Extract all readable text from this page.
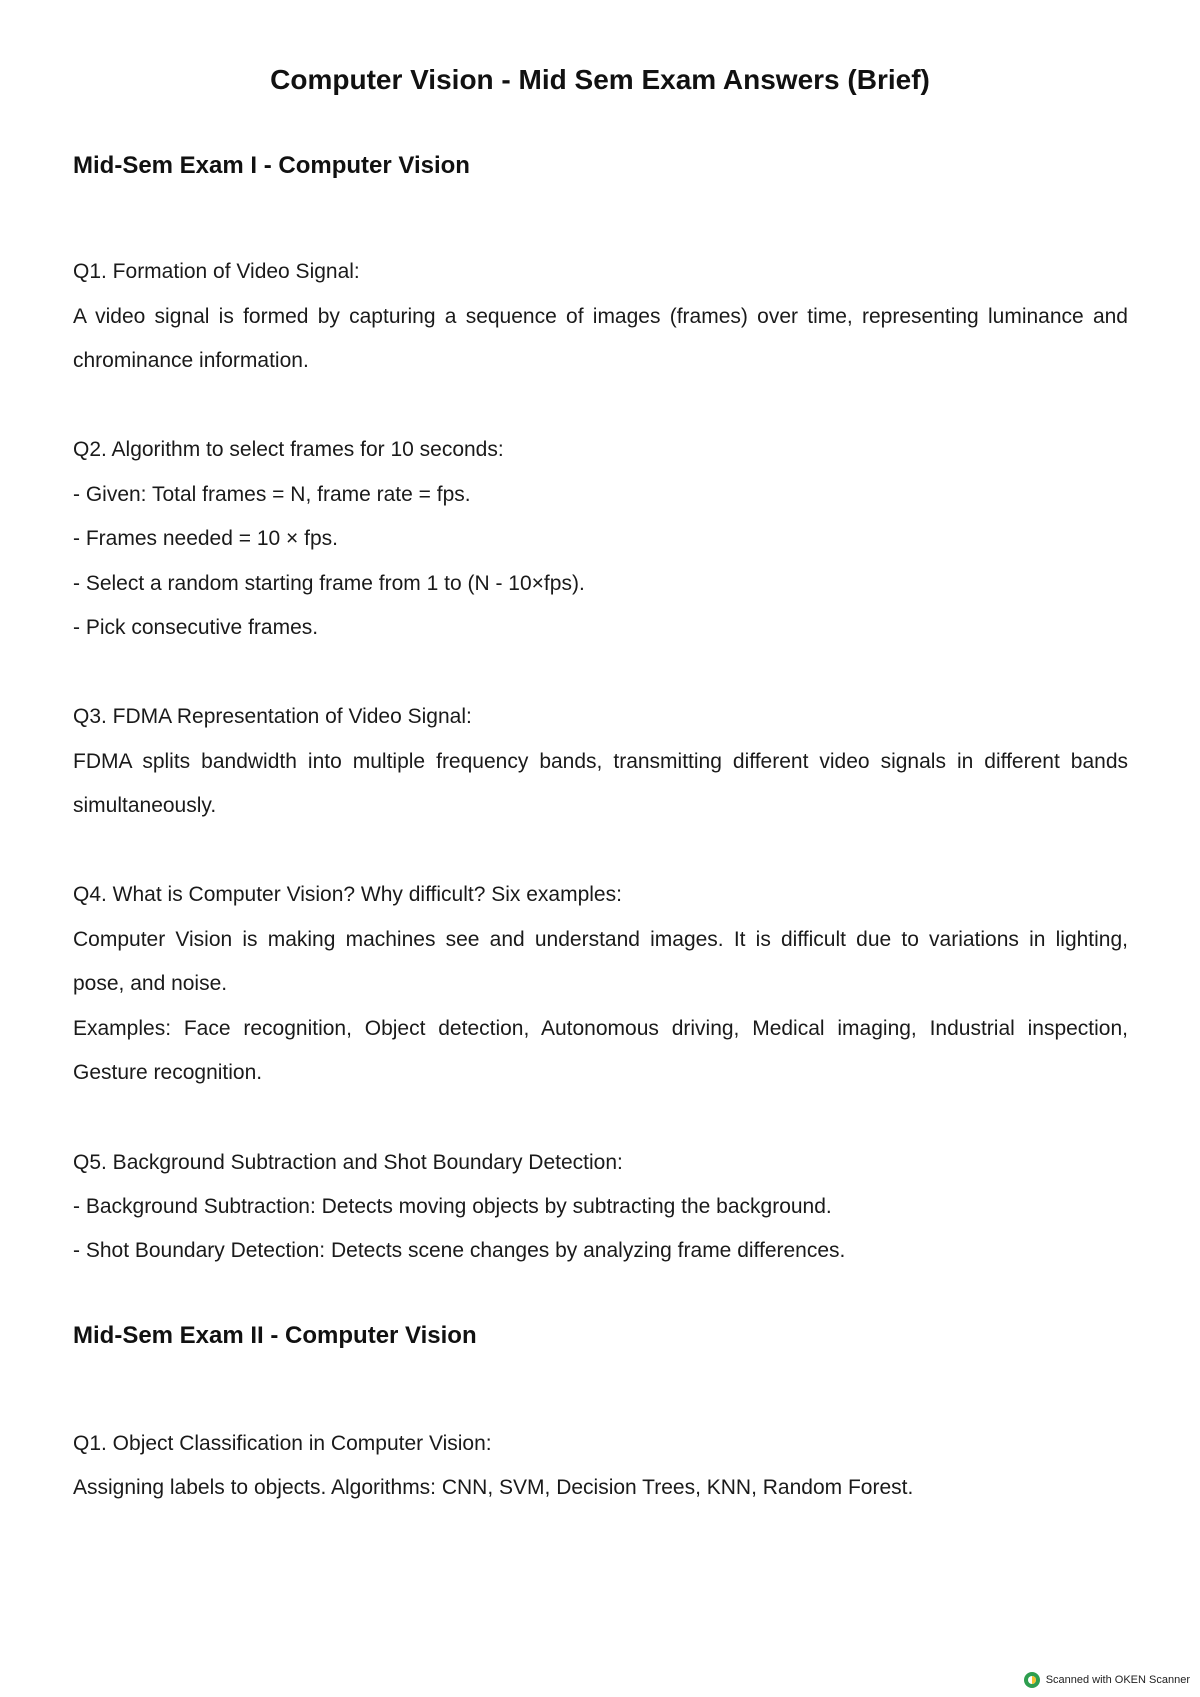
Computer Vision - Mid Sem Exam Answers (Brief)
Mid-Sem Exam I - Computer Vision

Q1. Formation of Video Signal:

A video signal is formed by capturing a sequence of images (frames) over time, representing luminance and

chrominance information.

Q2. Algorithm to select frames for 10 seconds:

- Given: Total frames = N, frame rate = fps.

- Frames needed = 10 × fps.

- Select a random starting frame from 1 to (N - 10×fps).

- Pick consecutive frames.

Q3. FDMA Representation of Video Signal:

FDMA splits bandwidth into multiple frequency bands, transmitting different video signals in different bands

simultaneously.

Q4. What is Computer Vision? Why difficult? Six examples:

Computer Vision is making machines see and understand images. It is difficult due to variations in lighting,

pose, and noise.

Examples: Face recognition, Object detection, Autonomous driving, Medical imaging, Industrial inspection,

Gesture recognition.

Q5. Background Subtraction and Shot Boundary Detection:

- Background Subtraction: Detects moving objects by subtracting the background.

- Shot Boundary Detection: Detects scene changes by analyzing frame differences.

Mid-Sem Exam II - Computer Vision

Q1. Object Classification in Computer Vision:

Assigning labels to objects. Algorithms: CNN, SVM, Decision Trees, KNN, Random Forest.

Scanned with OKEN Scanner
